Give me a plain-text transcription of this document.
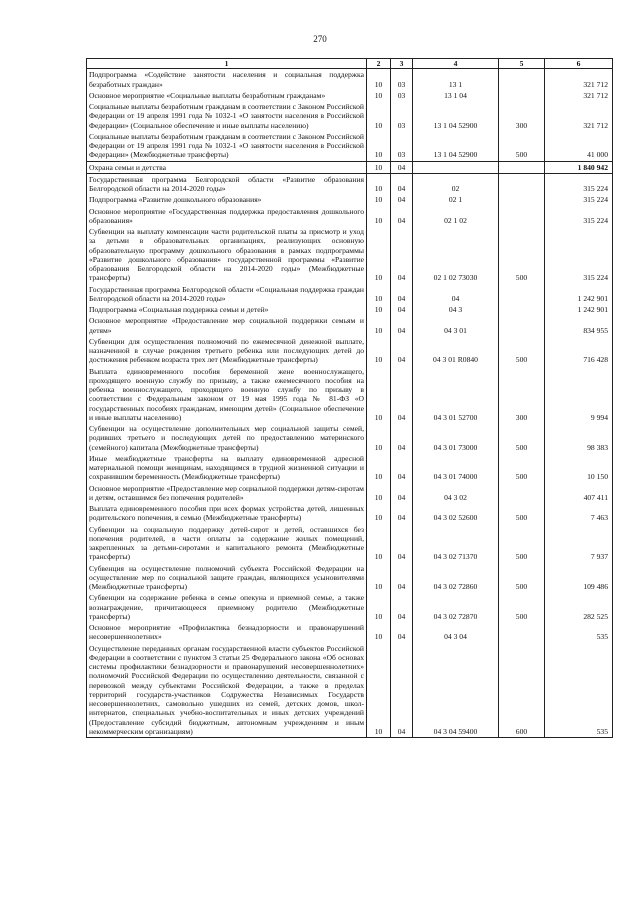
270
1	2	3	4	5	6
Подпрограмма «Содействие занятости населения и социальная поддержка безработных граждан»	10	03	13 1		321 712
Основное мероприятие «Социальные выплаты безработным гражданам»	10	03	13 1 04		321 712
Социальные выплаты безработным гражданам в соответствии с Законом Российской Федерации от 19 апреля 1991 года № 1032-1 «О занятости населения в Российской Федерации» (Социальное обеспечение и иные выплаты населению)	10	03	13 1 04 52900	300	321 712
Социальные выплаты безработным гражданам в соответствии с Законом Российской Федерации от 19 апреля 1991 года № 1032-1 «О занятости населения в Российской Федерации» (Межбюджетные трансферты)	10	03	13 1 04 52900	500	41 000
Охрана семьи и детства	10	04			1 840 942
Государственная программа Белгородской области «Развитие образования Белгородской области на 2014-2020 годы»	10	04	02		315 224
Подпрограмма «Развитие дошкольного образования»	10	04	02 1		315 224
Основное мероприятие «Государственная поддержка предоставления дошкольного образования»	10	04	02 1 02		315 224
Субвенции на выплату компенсации части родительской платы за присмотр и уход за детьми в образовательных организациях, реализующих основную образовательную программу дошкольного образования в рамках подпрограммы «Развитие дошкольного образования» государственной программы «Развитие образования Белгородской области на 2014-2020 годы» (Межбюджетные трансферты)	10	04	02 1 02 73030	500	315 224
Государственная программа Белгородской области «Социальная поддержка граждан Белгородской области на 2014-2020 годы»	10	04	04		1 242 901
Подпрограмма «Социальная поддержка семьи и детей»	10	04	04 3		1 242 901
Основное мероприятие «Предоставление мер социальной поддержки семьям и детям»	10	04	04 3 01		834 955
Субвенции для осуществления полномочий по ежемесячной денежной выплате, назначенной в случае рождения третьего ребенка или последующих детей до достижения ребенком возраста трех лет (Межбюджетные трансферты)	10	04	04 3 01 R0840	500	716 428
Выплата единовременного пособия беременной жене военнослужащего, проходящего военную службу по призыву, а также ежемесячного пособия на ребенка военнослужащего, проходящего военную службу по призыву в соответствии с Федеральным законом от 19 мая 1995 года № 81-ФЗ «О государственных пособиях гражданам, имеющим детей» (Социальное обеспечение и иные выплаты населению)	10	04	04 3 01 52700	300	9 994
Субвенции на осуществление дополнительных мер социальной защиты семей, родивших третьего и последующих детей по предоставлению материнского (семейного) капитала (Межбюджетные трансферты)	10	04	04 3 01 73000	500	98 383
Иные межбюджетные трансферты на выплату единовременной адресной материальной помощи женщинам, находящимся в трудной жизненной ситуации и сохранившим беременность (Межбюджетные трансферты)	10	04	04 3 01 74000	500	10 150
Основное мероприятие «Предоставление мер социальной поддержки детям-сиротам и детям, оставшимся без попечения родителей»	10	04	04 3 02		407 411
Выплата единовременного пособия при всех формах устройства детей, лишенных родительского попечения, в семью (Межбюджетные трансферты)	10	04	04 3 02 52600	500	7 463
Субвенции на социальную поддержку детей-сирот и детей, оставшихся без попечения родителей, в части оплаты за содержание жилых помещений, закрепленных за детьми-сиротами и капитального ремонта (Межбюджетные трансферты)	10	04	04 3 02 71370	500	7 937
Субвенция на осуществление полномочий субъекта Российской Федерации на осуществление мер по социальной защите граждан, являющихся усыновителями (Межбюджетные трансферты)	10	04	04 3 02 72860	500	109 486
Субвенции на содержание ребенка в семье опекуна и приемной семье, а также вознаграждение, причитающееся приемному родителю (Межбюджетные трансферты)	10	04	04 3 02 72870	500	282 525
Основное мероприятие «Профилактика безнадзорности и правонарушений несовершеннолетних»	10	04	04 3 04		535
Осуществление переданных органам государственной власти субъектов Российской Федерации в соответствии с пунктом 3 статьи 25 Федерального закона «Об основах системы профилактики безнадзорности и правонарушений несовершеннолетних» полномочий Российской Федерации по осуществлению деятельности, связанной с перевозкой между субъектами Российской Федерации, а также в пределах территорий государств-участников Содружества Независимых Государств несовершеннолетних, самовольно ушедших из семей, детских домов, школ-интернатов, специальных учебно-воспитательных и иных детских учреждений (Предоставление субсидий бюджетным, автономным учреждениям и иным некоммерческим организациям)	10	04	04 3 04 59400	600	535
